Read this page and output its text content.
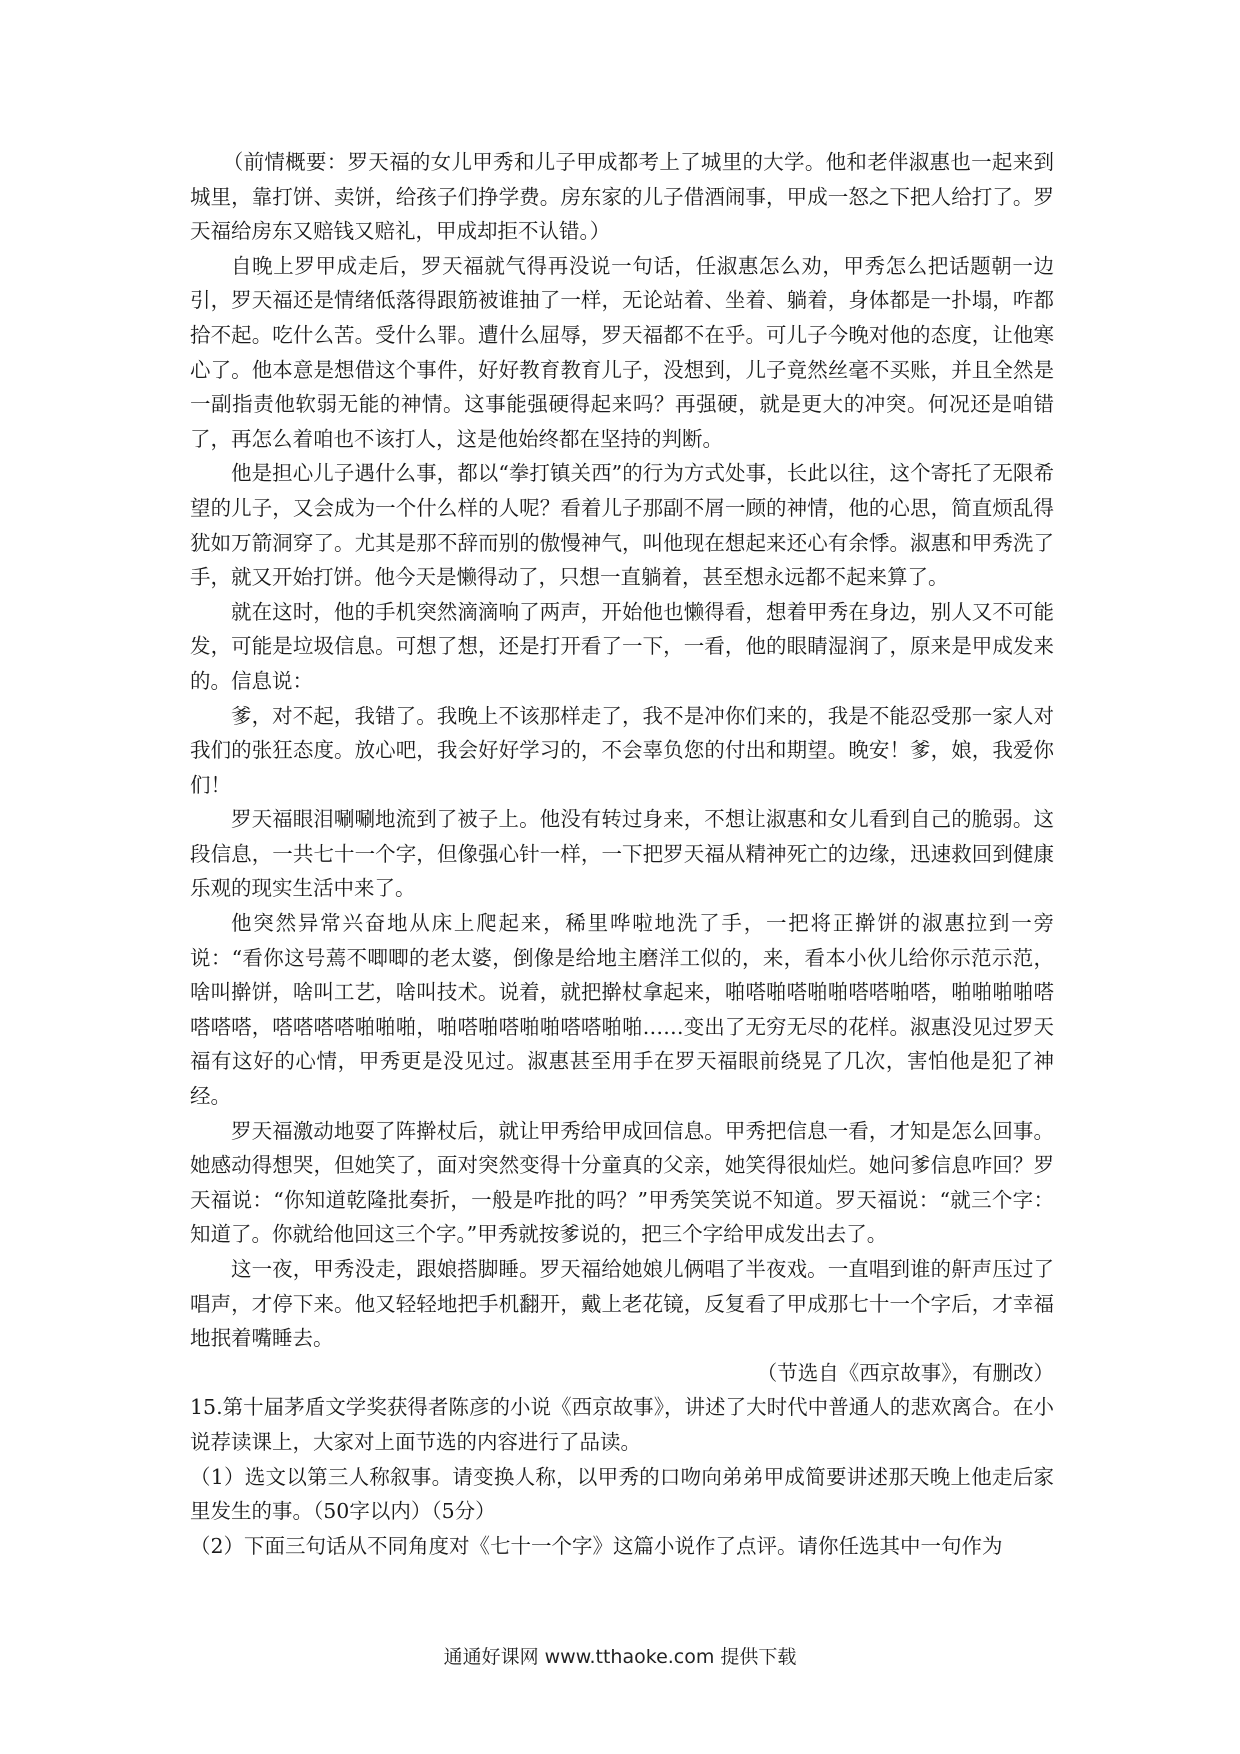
（前情概要：罗天福的女儿甲秀和儿子甲成都考上了城里的大学。他和老伴淑惠也一起来到城里，靠打饼、卖饼，给孩子们挣学费。房东家的儿子借酒闹事，甲成一怒之下把人给打了。罗天福给房东又赔钱又赔礼，甲成却拒不认错。）

自晚上罗甲成走后，罗天福就气得再没说一句话，任淑惠怎么劝，甲秀怎么把话题朝一边引，罗天福还是情绪低落得跟筋被谁抽了一样，无论站着、坐着、躺着，身体都是一扑塌，咋都拾不起。吃什么苦。受什么罪。遭什么屈辱，罗天福都不在乎。可儿子今晚对他的态度，让他寒心了。他本意是想借这个事件，好好教育教育儿子，没想到，儿子竟然丝毫不买账，并且全然是一副指责他软弱无能的神情。这事能强硬得起来吗？再强硬，就是更大的冲突。何况还是咱错了，再怎么着咱也不该打人，这是他始终都在坚持的判断。

他是担心儿子遇什么事，都以“拳打镇关西”的行为方式处事，长此以往，这个寄托了无限希望的儿子，又会成为一个什么样的人呢？看着儿子那副不屑一顾的神情，他的心思，简直烦乱得犹如万箭洞穿了。尤其是那不辞而别的傲慢神气，叫他现在想起来还心有余悸。淑惠和甲秀洗了手，就又开始打饼。他今天是懒得动了，只想一直躺着，甚至想永远都不起来算了。

就在这时，他的手机突然滴滴响了两声，开始他也懒得看，想着甲秀在身边，别人又不可能发，可能是垃圾信息。可想了想，还是打开看了一下，一看，他的眼睛湿润了，原来是甲成发来的。信息说：

爹，对不起，我错了。我晚上不该那样走了，我不是冲你们来的，我是不能忍受那一家人对我们的张狂态度。放心吧，我会好好学习的，不会辜负您的付出和期望。晚安！爹，娘，我爱你们！

罗天福眼泪唰唰地流到了被子上。他没有转过身来，不想让淑惠和女儿看到自己的脆弱。这段信息，一共七十一个字，但像强心针一样，一下把罗天福从精神死亡的边缘，迅速救回到健康乐观的现实生活中来了。

他突然异常兴奋地从床上爬起来，稀里哗啦地洗了手，一把将正擀饼的淑惠拉到一旁说：“看你这号蔫不唧唧的老太婆，倒像是给地主磨洋工似的，来，看本小伙儿给你示范示范，啥叫擀饼，啥叫工艺，啥叫技术。说着，就把擀杖拿起来，啪嗒啪嗒啪啪嗒嗒啪嗒，啪啪啪啪嗒嗒嗒嗒，嗒嗒嗒嗒啪啪啪，啪嗒啪嗒啪啪嗒嗒啪啪……变出了无穷无尽的花样。淑惠没见过罗天福有这好的心情，甲秀更是没见过。淑惠甚至用手在罗天福眼前绕晃了几次，害怕他是犯了神经。

罗天福激动地耍了阵擀杖后，就让甲秀给甲成回信息。甲秀把信息一看，才知是怎么回事。她感动得想哭，但她笑了，面对突然变得十分童真的父亲，她笑得很灿烂。她问爹信息咋回？罗天福说：“你知道乾隆批奏折，一般是咋批的吗？”甲秀笑笑说不知道。罗天福说：“就三个字：知道了。你就给他回这三个字。”甲秀就按爹说的，把三个字给甲成发出去了。

这一夜，甲秀没走，跟娘搭脚睡。罗天福给她娘儿俩唱了半夜戏。一直唱到谁的鼾声压过了唱声，才停下来。他又轻轻地把手机翻开，戴上老花镜，反复看了甲成那七十一个字后，才幸福地抿着嘴睡去。

（节选自《西京故事》，有删改）

15.第十届茅盾文学奖获得者陈彦的小说《西京故事》，讲述了大时代中普通人的悲欢离合。在小说荐读课上，大家对上面节选的内容进行了品读。

（1）选文以第三人称叙事。请变换人称，以甲秀的口吻向弟弟甲成简要讲述那天晚上他走后家里发生的事。（50字以内）（5分）

（2）下面三句话从不同角度对《七十一个字》这篇小说作了点评。请你任选其中一句作为

通通好课网 www.tthaoke.com 提供下载
